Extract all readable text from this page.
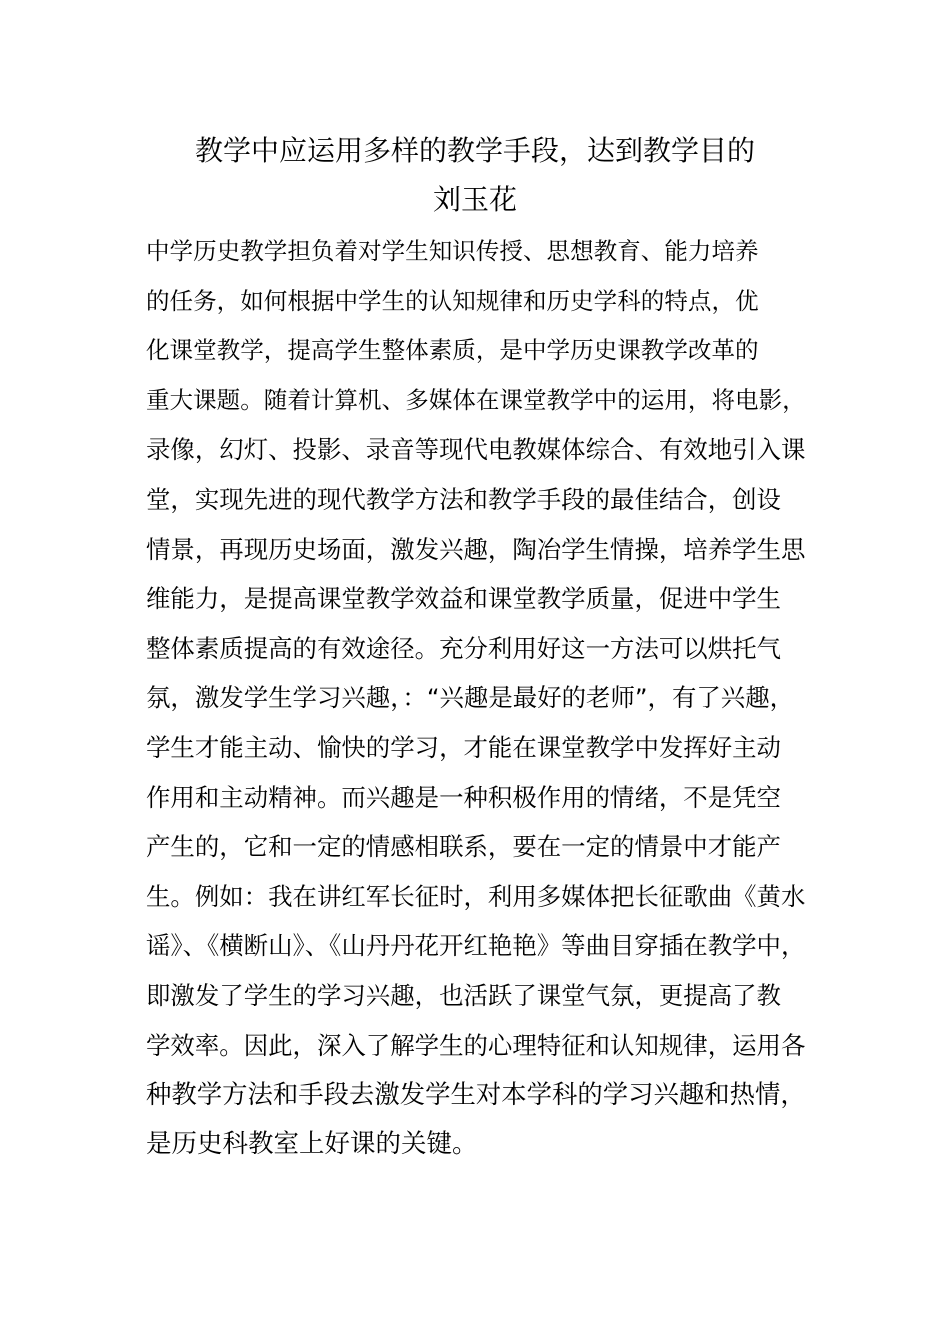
教学中应运用多样的教学手段，达到教学目的
刘玉花
中学历史教学担负着对学生知识传授、思想教育、能力培养
的任务，如何根据中学生的认知规律和历史学科的特点，优
化课堂教学，提高学生整体素质，是中学历史课教学改革的
重大课题。随着计算机、多媒体在课堂教学中的运用，将电影，
录像，幻灯、投影、录音等现代电教媒体综合、有效地引入课
堂，实现先进的现代教学方法和教学手段的最佳结合，创设
情景，再现历史场面，激发兴趣，陶冶学生情操，培养学生思
维能力，是提高课堂教学效益和课堂教学质量，促进中学生
整体素质提高的有效途径。充分利用好这一方法可以烘托气
氛，激发学生学习兴趣，：“兴趣是最好的老师”，有了兴趣，
学生才能主动、愉快的学习，才能在课堂教学中发挥好主动
作用和主动精神。而兴趣是一种积极作用的情绪，不是凭空
产生的，它和一定的情感相联系，要在一定的情景中才能产
生。例如：我在讲红军长征时，利用多媒体把长征歌曲《黄水
谣》、《横断山》、《山丹丹花开红艳艳》等曲目穿插在教学中，
即激发了学生的学习兴趣，也活跃了课堂气氛，更提高了教
学效率。因此，深入了解学生的心理特征和认知规律，运用各
种教学方法和手段去激发学生对本学科的学习兴趣和热情，
是历史科教室上好课的关键。
